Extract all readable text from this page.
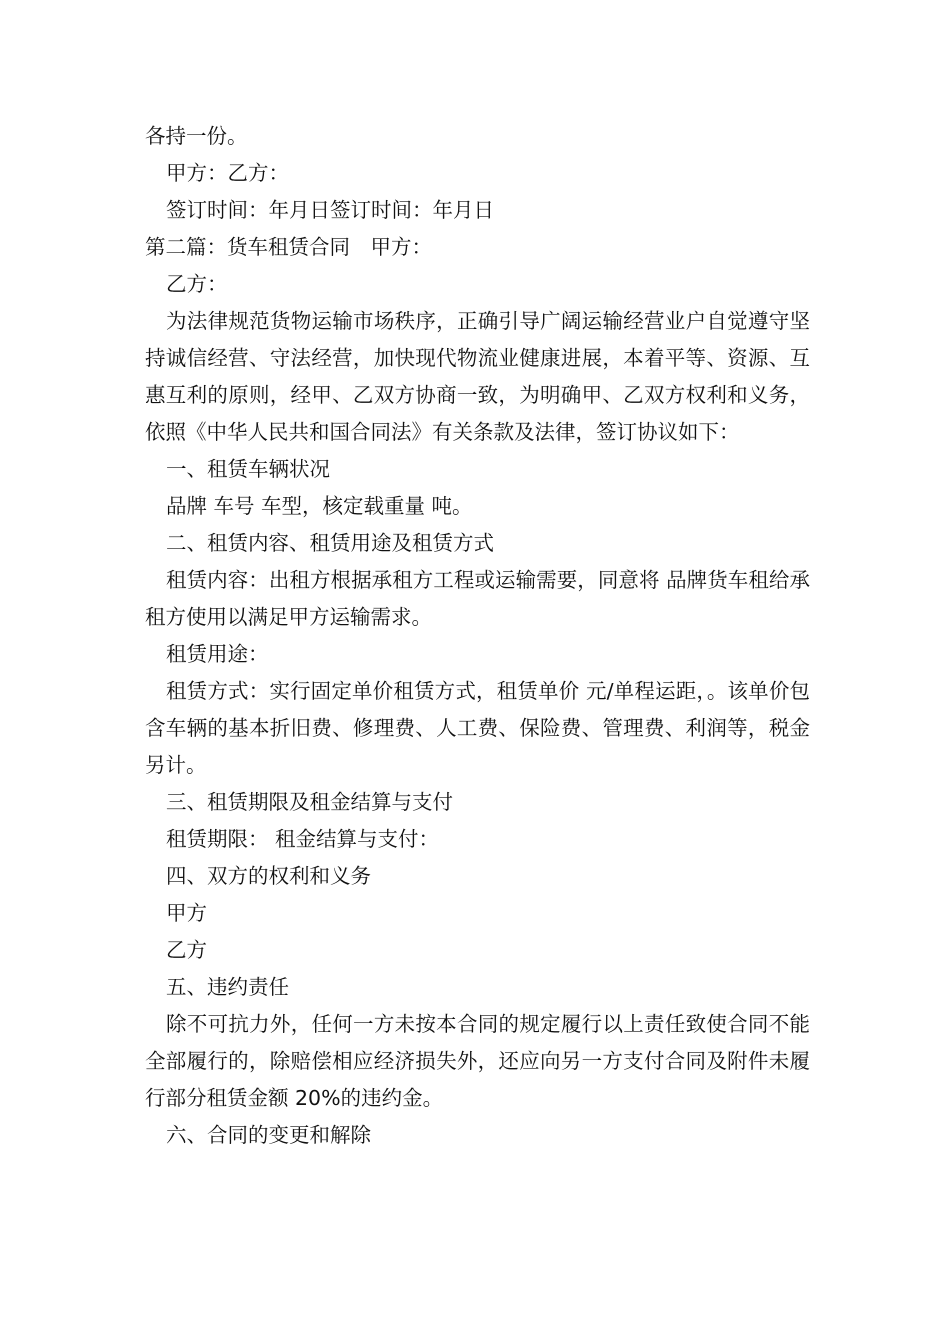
各持一份。

甲方：乙方：

签订时间：年月日签订时间：年月日

第二篇：货车租赁合同　甲方：

乙方：

为法律规范货物运输市场秩序，正确引导广阔运输经营业户自觉遵守坚持诚信经营、守法经营，加快现代物流业健康进展，本着平等、资源、互惠互利的原则，经甲、乙双方协商一致，为明确甲、乙双方权利和义务，依照《中华人民共和国合同法》有关条款及法律，签订协议如下：

一、租赁车辆状况

品牌 车号 车型，核定载重量 吨。

二、租赁内容、租赁用途及租赁方式

租赁内容：出租方根据承租方工程或运输需要，同意将 品牌货车租给承租方使用以满足甲方运输需求。

租赁用途：

租赁方式：实行固定单价租赁方式，租赁单价 元/单程运距，。该单价包含车辆的基本折旧费、修理费、人工费、保险费、管理费、利润等，税金另计。

三、租赁期限及租金结算与支付

租赁期限： 租金结算与支付：

四、双方的权利和义务

甲方

乙方

五、违约责任

除不可抗力外，任何一方未按本合同的规定履行以上责任致使合同不能全部履行的，除赔偿相应经济损失外，还应向另一方支付合同及附件未履行部分租赁金额 20%的违约金。

六、合同的变更和解除
